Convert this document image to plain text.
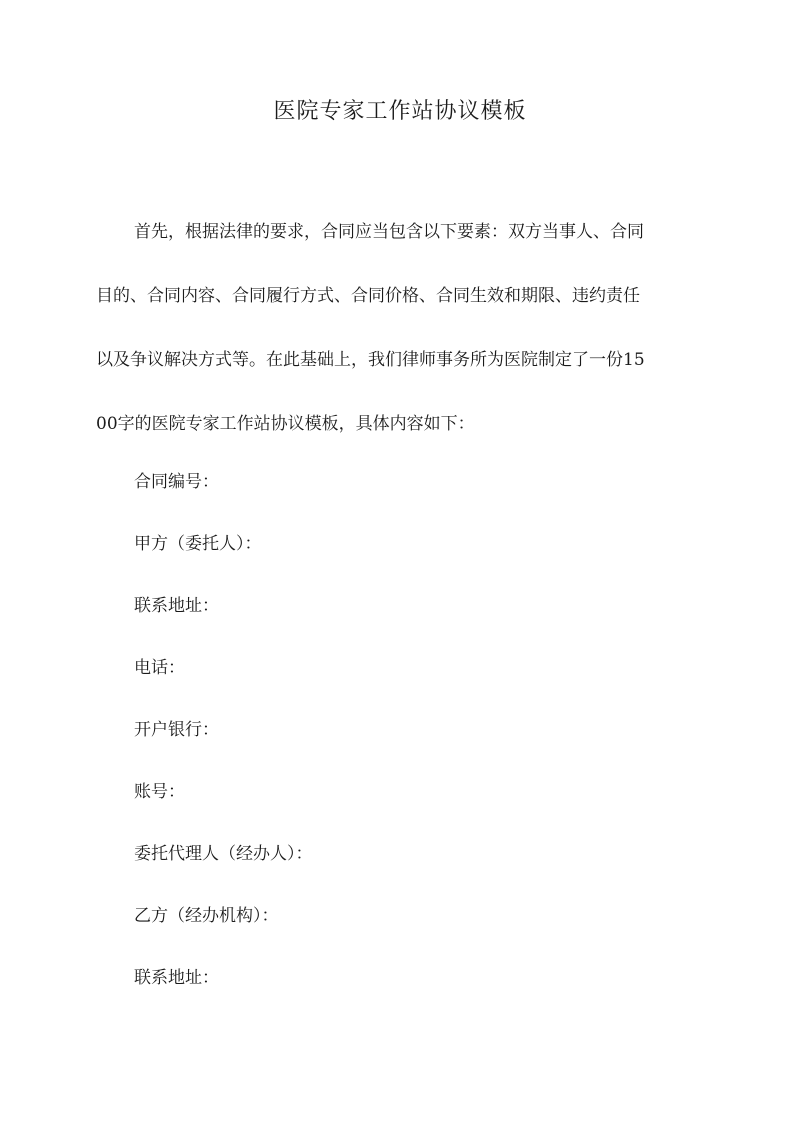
医院专家工作站协议模板
首先，根据法律的要求，合同应当包含以下要素：双方当事人、合同
目的、合同内容、合同履行方式、合同价格、合同生效和期限、违约责任
以及争议解决方式等。在此基础上，我们律师事务所为医院制定了一份15
00字的医院专家工作站协议模板，具体内容如下：
合同编号：
甲方（委托人）：
联系地址：
电话：
开户银行：
账号：
委托代理人（经办人）：
乙方（经办机构）：
联系地址：
